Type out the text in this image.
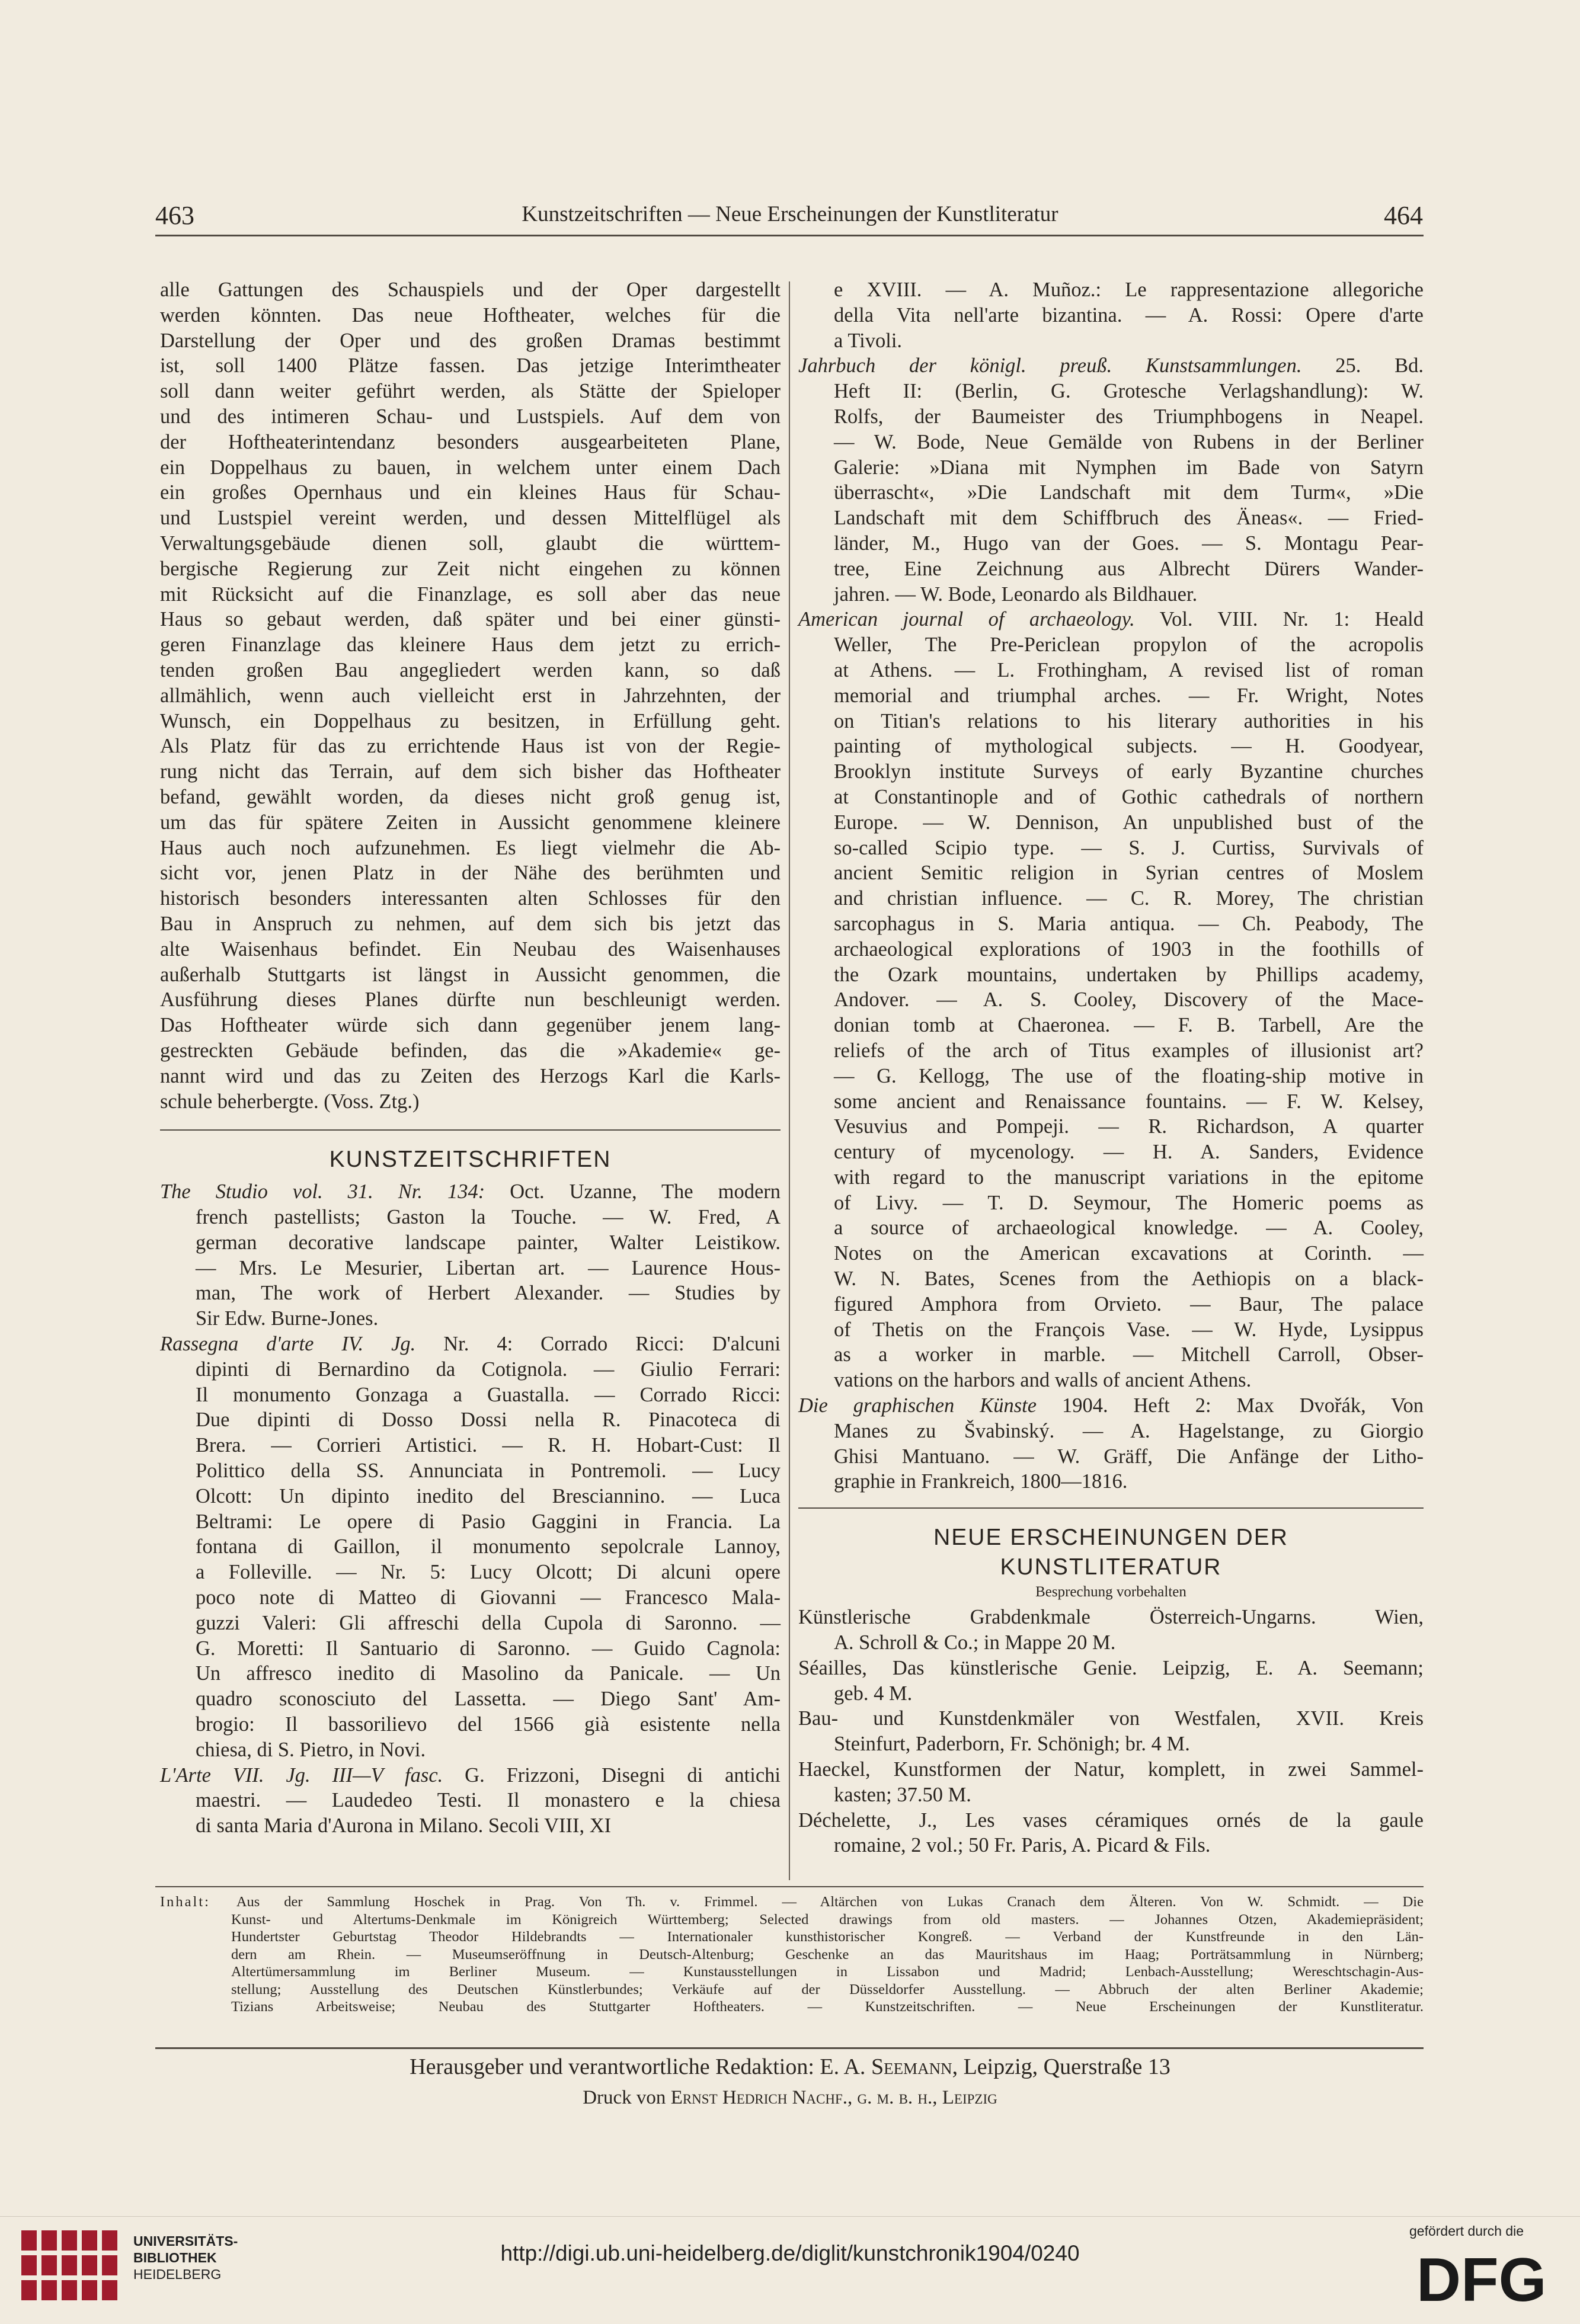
463	Kunstzeitschriften — Neue Erscheinungen der Kunstliteratur	464
alle Gattungen des Schauspiels und der Oper dargestellt
werden könnten. Das neue Hoftheater, welches für die
Darstellung der Oper und des großen Dramas bestimmt
ist, soll 1400 Plätze fassen. Das jetzige Interimtheater
soll dann weiter geführt werden, als Stätte der Spieloper
und des intimeren Schau- und Lustspiels. Auf dem von
der Hoftheaterintendanz besonders ausgearbeiteten Plane,
ein Doppelhaus zu bauen, in welchem unter einem Dach
ein großes Opernhaus und ein kleines Haus für Schau-
und Lustspiel vereint werden, und dessen Mittelflügel als
Verwaltungsgebäude dienen soll, glaubt die württem-
bergische Regierung zur Zeit nicht eingehen zu können
mit Rücksicht auf die Finanzlage, es soll aber das neue
Haus so gebaut werden, daß später und bei einer günsti-
geren Finanzlage das kleinere Haus dem jetzt zu errich-
tenden großen Bau angegliedert werden kann, so daß
allmählich, wenn auch vielleicht erst in Jahrzehnten, der
Wunsch, ein Doppelhaus zu besitzen, in Erfüllung geht.
Als Platz für das zu errichtende Haus ist von der Regie-
rung nicht das Terrain, auf dem sich bisher das Hoftheater
befand, gewählt worden, da dieses nicht groß genug ist,
um das für spätere Zeiten in Aussicht genommene kleinere
Haus auch noch aufzunehmen. Es liegt vielmehr die Ab-
sicht vor, jenen Platz in der Nähe des berühmten und
historisch besonders interessanten alten Schlosses für den
Bau in Anspruch zu nehmen, auf dem sich bis jetzt das
alte Waisenhaus befindet. Ein Neubau des Waisenhauses
außerhalb Stuttgarts ist längst in Aussicht genommen, die
Ausführung dieses Planes dürfte nun beschleunigt werden.
Das Hoftheater würde sich dann gegenüber jenem lang-
gestreckten Gebäude befinden, das die »Akademie« ge-
nannt wird und das zu Zeiten des Herzogs Karl die Karls-
schule beherbergte. (Voss. Ztg.)
KUNSTZEITSCHRIFTEN
The Studio vol. 31. Nr. 134: Oct. Uzanne, The modern
french pastellists; Gaston la Touche. — W. Fred, A
german decorative landscape painter, Walter Leistikow.
— Mrs. Le Mesurier, Libertan art. — Laurence Hous-
man, The work of Herbert Alexander. — Studies by
Sir Edw. Burne-Jones.
Rassegna d'arte IV. Jg. Nr. 4: Corrado Ricci: D'alcuni
dipinti di Bernardino da Cotignola. — Giulio Ferrari:
Il monumento Gonzaga a Guastalla. — Corrado Ricci:
Due dipinti di Dosso Dossi nella R. Pinacoteca di
Brera. — Corrieri Artistici. — R. H. Hobart-Cust: Il
Polittico della SS. Annunciata in Pontremoli. — Lucy
Olcott: Un dipinto inedito del Bresciannino. — Luca
Beltrami: Le opere di Pasio Gaggini in Francia. La
fontana di Gaillon, il monumento sepolcrale Lannoy,
a Folleville. — Nr. 5: Lucy Olcott; Di alcuni opere
poco note di Matteo di Giovanni — Francesco Mala-
guzzi Valeri: Gli affreschi della Cupola di Saronno. —
G. Moretti: Il Santuario di Saronno. — Guido Cagnola:
Un affresco inedito di Masolino da Panicale. — Un
quadro sconosciuto del Lassetta. — Diego Sant' Am-
brogio: Il bassorilievo del 1566 già esistente nella
chiesa, di S. Pietro, in Novi.
L'Arte VII. Jg. III—V fasc. G. Frizzoni, Disegni di antichi
maestri. — Laudedeo Testi. Il monastero e la chiesa
di santa Maria d'Aurona in Milano. Secoli VIII, XI
e XVIII. — A. Muñoz.: Le rappresentazione allegoriche
della Vita nell'arte bizantina. — A. Rossi: Opere d'arte
a Tivoli.
Jahrbuch der königl. preuß. Kunstsammlungen. 25. Bd.
Heft II: (Berlin, G. Grotesche Verlagshandlung): W.
Rolfs, der Baumeister des Triumphbogens in Neapel.
— W. Bode, Neue Gemälde von Rubens in der Berliner
Galerie: »Diana mit Nymphen im Bade von Satyrn
überrascht«, »Die Landschaft mit dem Turm«, »Die
Landschaft mit dem Schiffbruch des Äneas«. — Fried-
länder, M., Hugo van der Goes. — S. Montagu Pear-
tree, Eine Zeichnung aus Albrecht Dürers Wander-
jahren. — W. Bode, Leonardo als Bildhauer.
American journal of archaeology. Vol. VIII. Nr. 1: Heald
Weller, The Pre-Periclean propylon of the acropolis
at Athens. — L. Frothingham, A revised list of roman
memorial and triumphal arches. — Fr. Wright, Notes
on Titian's relations to his literary authorities in his
painting of mythological subjects. — H. Goodyear,
Brooklyn institute Surveys of early Byzantine churches
at Constantinople and of Gothic cathedrals of northern
Europe. — W. Dennison, An unpublished bust of the
so-called Scipio type. — S. J. Curtiss, Survivals of
ancient Semitic religion in Syrian centres of Moslem
and christian influence. — C. R. Morey, The christian
sarcophagus in S. Maria antiqua. — Ch. Peabody, The
archaeological explorations of 1903 in the foothills of
the Ozark mountains, undertaken by Phillips academy,
Andover. — A. S. Cooley, Discovery of the Mace-
donian tomb at Chaeronea. — F. B. Tarbell, Are the
reliefs of the arch of Titus examples of illusionist art?
— G. Kellogg, The use of the floating-ship motive in
some ancient and Renaissance fountains. — F. W. Kelsey,
Vesuvius and Pompeji. — R. Richardson, A quarter
century of mycenology. — H. A. Sanders, Evidence
with regard to the manuscript variations in the epitome
of Livy. — T. D. Seymour, The Homeric poems as
a source of archaeological knowledge. — A. Cooley,
Notes on the American excavations at Corinth. —
W. N. Bates, Scenes from the Aethiopis on a black-
figured Amphora from Orvieto. — Baur, The palace
of Thetis on the François Vase. — W. Hyde, Lysippus
as a worker in marble. — Mitchell Carroll, Obser-
vations on the harbors and walls of ancient Athens.
Die graphischen Künste 1904. Heft 2: Max Dvořák, Von
Manes zu Švabinský. — A. Hagelstange, zu Giorgio
Ghisi Mantuano. — W. Gräff, Die Anfänge der Litho-
graphie in Frankreich, 1800—1816.
NEUE ERSCHEINUNGEN DER
KUNSTLITERATUR
Besprechung vorbehalten
Künstlerische Grabdenkmale Österreich-Ungarns. Wien,
A. Schroll & Co.; in Mappe 20 M.
Séailles, Das künstlerische Genie. Leipzig, E. A. Seemann;
geb. 4 M.
Bau- und Kunstdenkmäler von Westfalen, XVII. Kreis
Steinfurt, Paderborn, Fr. Schönigh; br. 4 M.
Haeckel, Kunstformen der Natur, komplett, in zwei Sammel-
kasten; 37.50 M.
Déchelette, J., Les vases céramiques ornés de la gaule
romaine, 2 vol.; 50 Fr. Paris, A. Picard & Fils.
Inhalt: Aus der Sammlung Hoschek in Prag. Von Th. v. Frimmel. — Altärchen von Lukas Cranach dem Älteren. Von W. Schmidt. — Die
Kunst- und Altertums-Denkmale im Königreich Württemberg; Selected drawings from old masters. — Johannes Otzen, Akademiepräsident;
Hundertster Geburtstag Theodor Hildebrandts — Internationaler kunsthistorischer Kongreß. — Verband der Kunstfreunde in den Län-
dern am Rhein. — Museumseröffnung in Deutsch-Altenburg; Geschenke an das Mauritshaus im Haag; Porträtsammlung in Nürnberg;
Altertümersammlung im Berliner Museum. — Kunstausstellungen in Lissabon und Madrid; Lenbach-Ausstellung; Wereschtschagin-Aus-
stellung; Ausstellung des Deutschen Künstlerbundes; Verkäufe auf der Düsseldorfer Ausstellung. — Abbruch der alten Berliner Akademie;
Tizians Arbeitsweise; Neubau des Stuttgarter Hoftheaters. — Kunstzeitschriften. — Neue Erscheinungen der Kunstliteratur.
Herausgeber und verantwortliche Redaktion: E. A. Seemann, Leipzig, Querstraße 13
Druck von Ernst Hedrich Nachf., g. m. b. h., Leipzig
UNIVERSITÄTS-
BIBLIOTHEK
HEIDELBERG
http://digi.ub.uni-heidelberg.de/diglit/kunstchronik1904/0240
gefördert durch die
DFG
